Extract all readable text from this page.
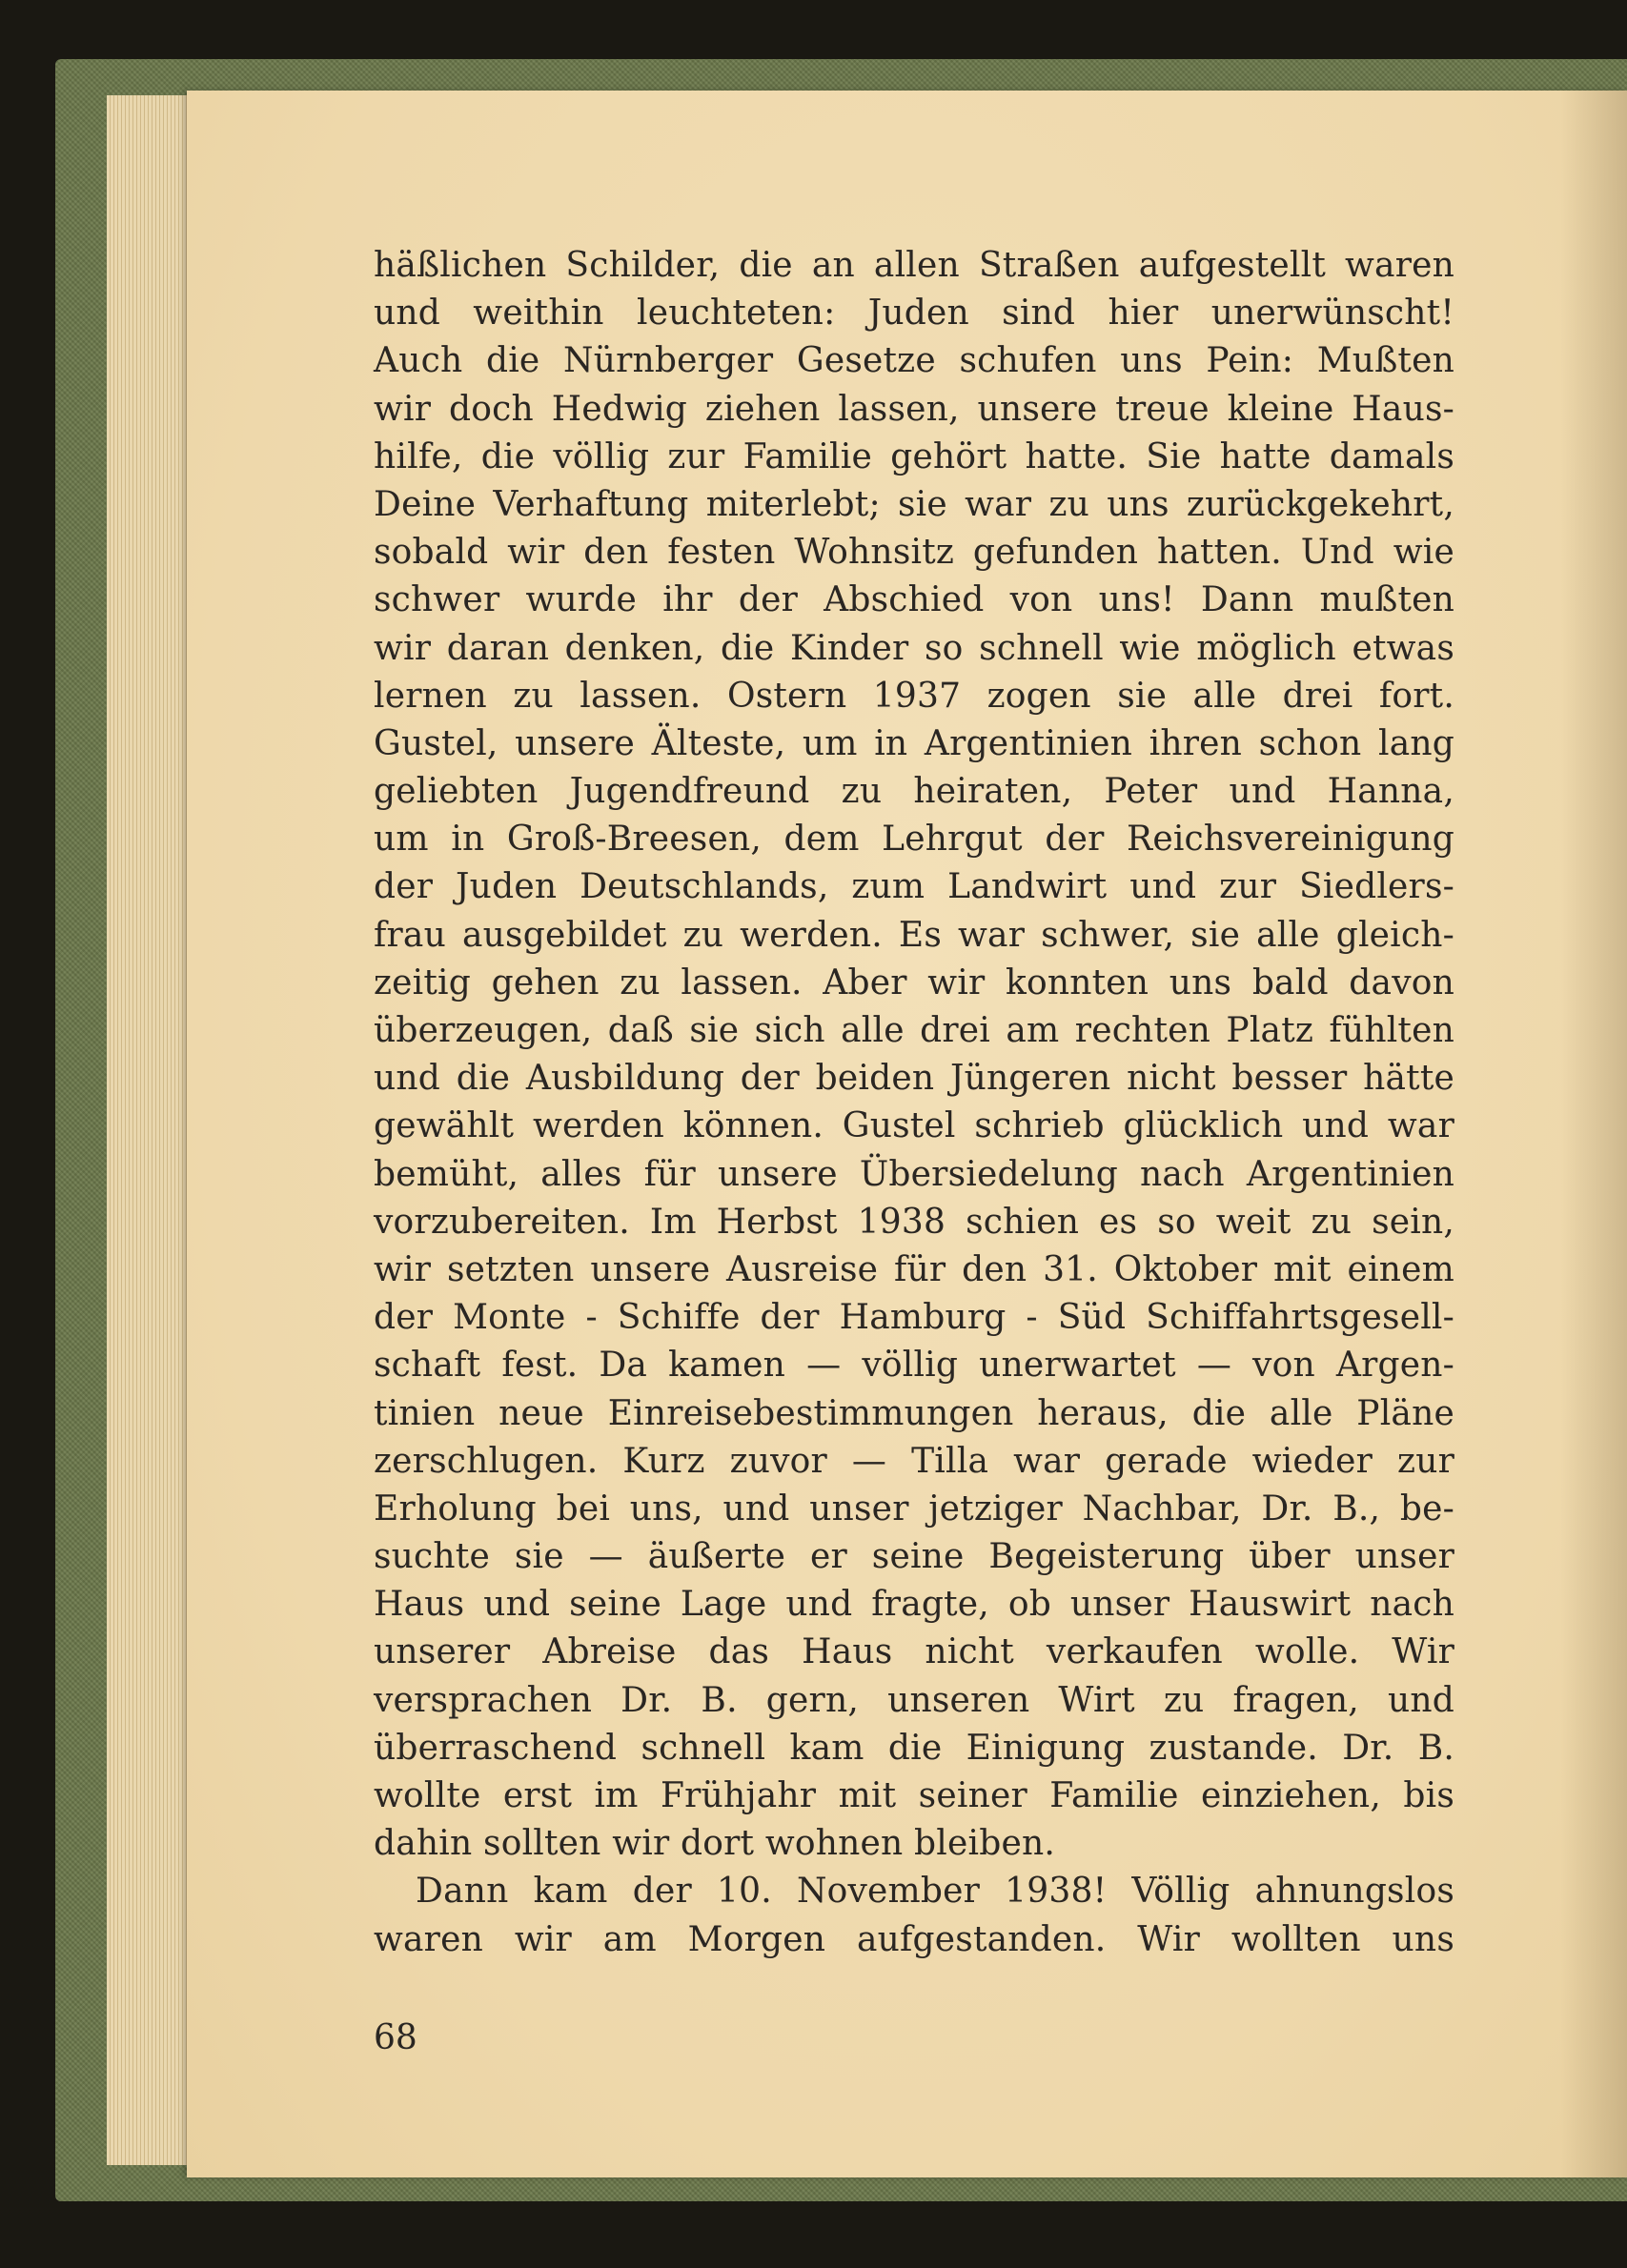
häßlichen Schilder, die an allen Straßen aufgestellt waren
und weithin leuchteten: Juden sind hier unerwünscht!
Auch die Nürnberger Gesetze schufen uns Pein: Mußten
wir doch Hedwig ziehen lassen, unsere treue kleine Haus-
hilfe, die völlig zur Familie gehört hatte. Sie hatte damals
Deine Verhaftung miterlebt; sie war zu uns zurückgekehrt,
sobald wir den festen Wohnsitz gefunden hatten. Und wie
schwer wurde ihr der Abschied von uns! Dann mußten
wir daran denken, die Kinder so schnell wie möglich etwas
lernen zu lassen. Ostern 1937 zogen sie alle drei fort.
Gustel, unsere Älteste, um in Argentinien ihren schon lang
geliebten Jugendfreund zu heiraten, Peter und Hanna,
um in Groß-Breesen, dem Lehrgut der Reichsvereinigung
der Juden Deutschlands, zum Landwirt und zur Siedlers-
frau ausgebildet zu werden. Es war schwer, sie alle gleich-
zeitig gehen zu lassen. Aber wir konnten uns bald davon
überzeugen, daß sie sich alle drei am rechten Platz fühlten
und die Ausbildung der beiden Jüngeren nicht besser hätte
gewählt werden können. Gustel schrieb glücklich und war
bemüht, alles für unsere Übersiedelung nach Argentinien
vorzubereiten. Im Herbst 1938 schien es so weit zu sein,
wir setzten unsere Ausreise für den 31. Oktober mit einem
der Monte - Schiffe der Hamburg - Süd Schiffahrtsgesell-
schaft fest. Da kamen — völlig unerwartet — von Argen-
tinien neue Einreisebestimmungen heraus, die alle Pläne
zerschlugen. Kurz zuvor — Tilla war gerade wieder zur
Erholung bei uns, und unser jetziger Nachbar, Dr. B., be-
suchte sie — äußerte er seine Begeisterung über unser
Haus und seine Lage und fragte, ob unser Hauswirt nach
unserer Abreise das Haus nicht verkaufen wolle. Wir
versprachen Dr. B. gern, unseren Wirt zu fragen, und
überraschend schnell kam die Einigung zustande. Dr. B.
wollte erst im Frühjahr mit seiner Familie einziehen, bis
dahin sollten wir dort wohnen bleiben.
Dann kam der 10. November 1938! Völlig ahnungslos
waren wir am Morgen aufgestanden. Wir wollten uns
68
